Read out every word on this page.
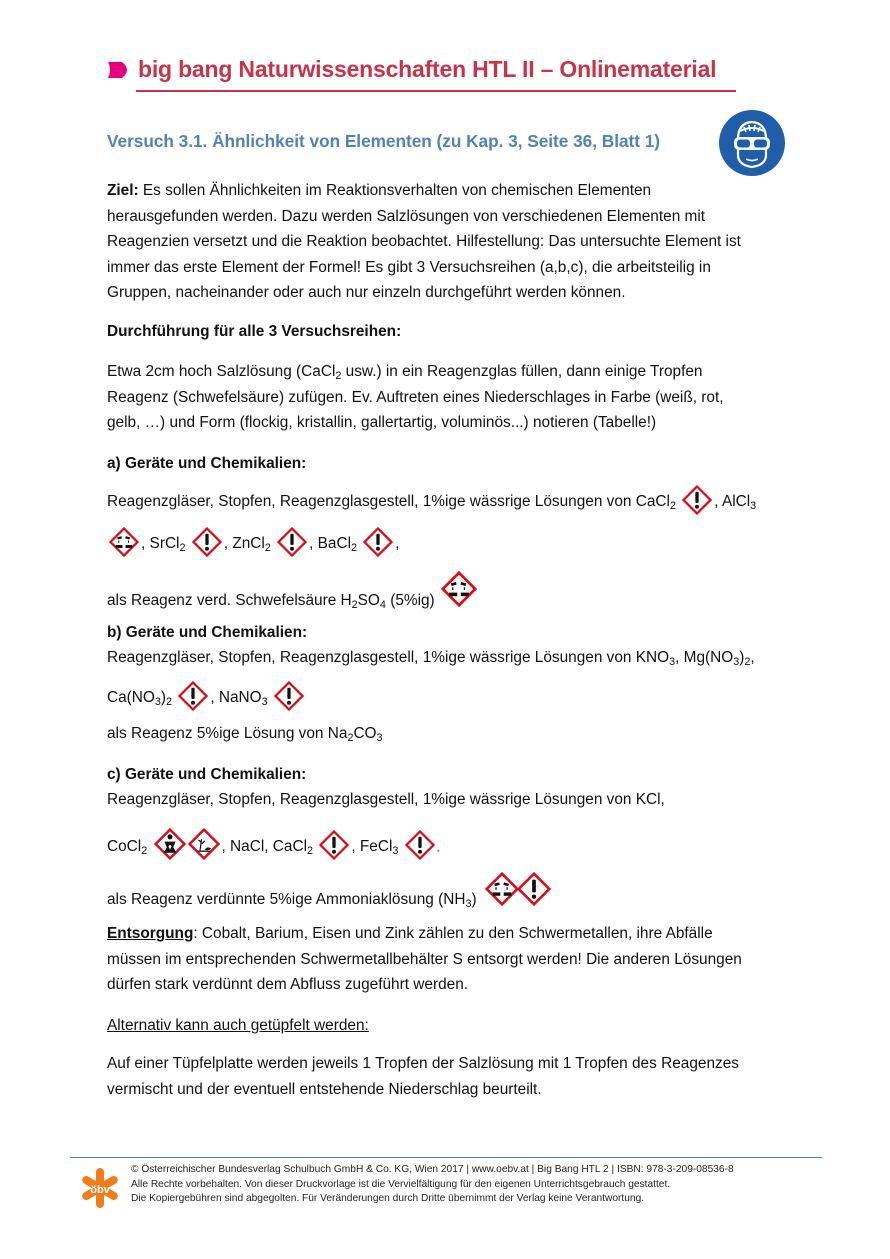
big bang Naturwissenschaften HTL II – Onlinematerial
Versuch 3.1. Ähnlichkeit von Elementen (zu Kap. 3, Seite 36, Blatt 1)

Ziel: Es sollen Ähnlichkeiten im Reaktionsverhalten von chemischen Elementen

herausgefunden werden. Dazu werden Salzlösungen von verschiedenen Elementen mit

Reagenzien versetzt und die Reaktion beobachtet. Hilfestellung: Das untersuchte Element ist

immer das erste Element der Formel! Es gibt 3 Versuchsreihen (a,b,c), die arbeitsteilig in

Gruppen, nacheinander oder auch nur einzeln durchgeführt werden können.

Durchführung für alle 3 Versuchsreihen:

Etwa 2cm hoch Salzlösung (CaCl$_2$ usw.) in ein Reagenzglas füllen, dann einige Tropfen

Reagenz (Schwefelsäure) zufügen. Ev. Auftreten eines Niederschlages in Farbe (weiß, rot,

gelb, …) und Form (flockig, kristallin, gallertartig, voluminös...) notieren (Tabelle!)

a) Geräte und Chemikalien:
Reagenzgläser, Stopfen, Reagenzglasgestell, 1%ige wässrige Lösungen von CaCl$_2$ , AlCl$_3$
, SrCl$_2$ , ZnCl$_2$ , BaCl$_2$ ,
als Reagenz verd. Schwefelsäure $H_2SO_4$ (5%ig)
b) Geräte und Chemikalien:
Reagenzgläser, Stopfen, Reagenzglasgestell, 1%ige wässrige Lösungen von $KNO_3$, $Mg(NO_3)_2$,
$Ca(NO_3)_2$ , NaNO$_3$
als Reagenz 5%ige Lösung von $Na_2CO_3$
c) Geräte und Chemikalien:
Reagenzgläser, Stopfen, Reagenzglasgestell, 1%ige wässrige Lösungen von KCl,
CoCl$_2$	, NaCl, CaCl$_2$ , FeCl$_3$	,
als Reagenz verdünnte 5%ige Ammoniaklösung $(NH_3)$

Entsorgung: Cobalt, Barium, Eisen und Zink zählen zu den Schwermetallen, ihre Abfälle

müssen im entsprechenden Schwermetallbehälter S entsorgt werden! Die anderen Lösungen

dürfen stark verdünnt dem Abfluss zugeführt werden.

Alternativ kann auch getüpfelt werden:

Auf einer Tüpfelplatte werden jeweils 1 Tropfen der Salzlösung mit 1 Tropfen des Reagenzes

vermischt und der eventuell entstehende Niederschlag beurteilt.

öbv
© Österreichischer Bundesverlag Schulbuch GmbH & Co. KG, Wien 2017 | www.oebv.at | Big Bang HTL 2 | ISBN: 978-3-209-08536-8
Alle Rechte vorbehalten. Von dieser Druckvorlage ist die Vervielfältigung für den eigenen Unterrichtsgebrauch gestattet.
Die Kopiergebühren sind abgegolten. Für Veränderungen durch Dritte übernimmt der Verlag keine Verantwortung.
